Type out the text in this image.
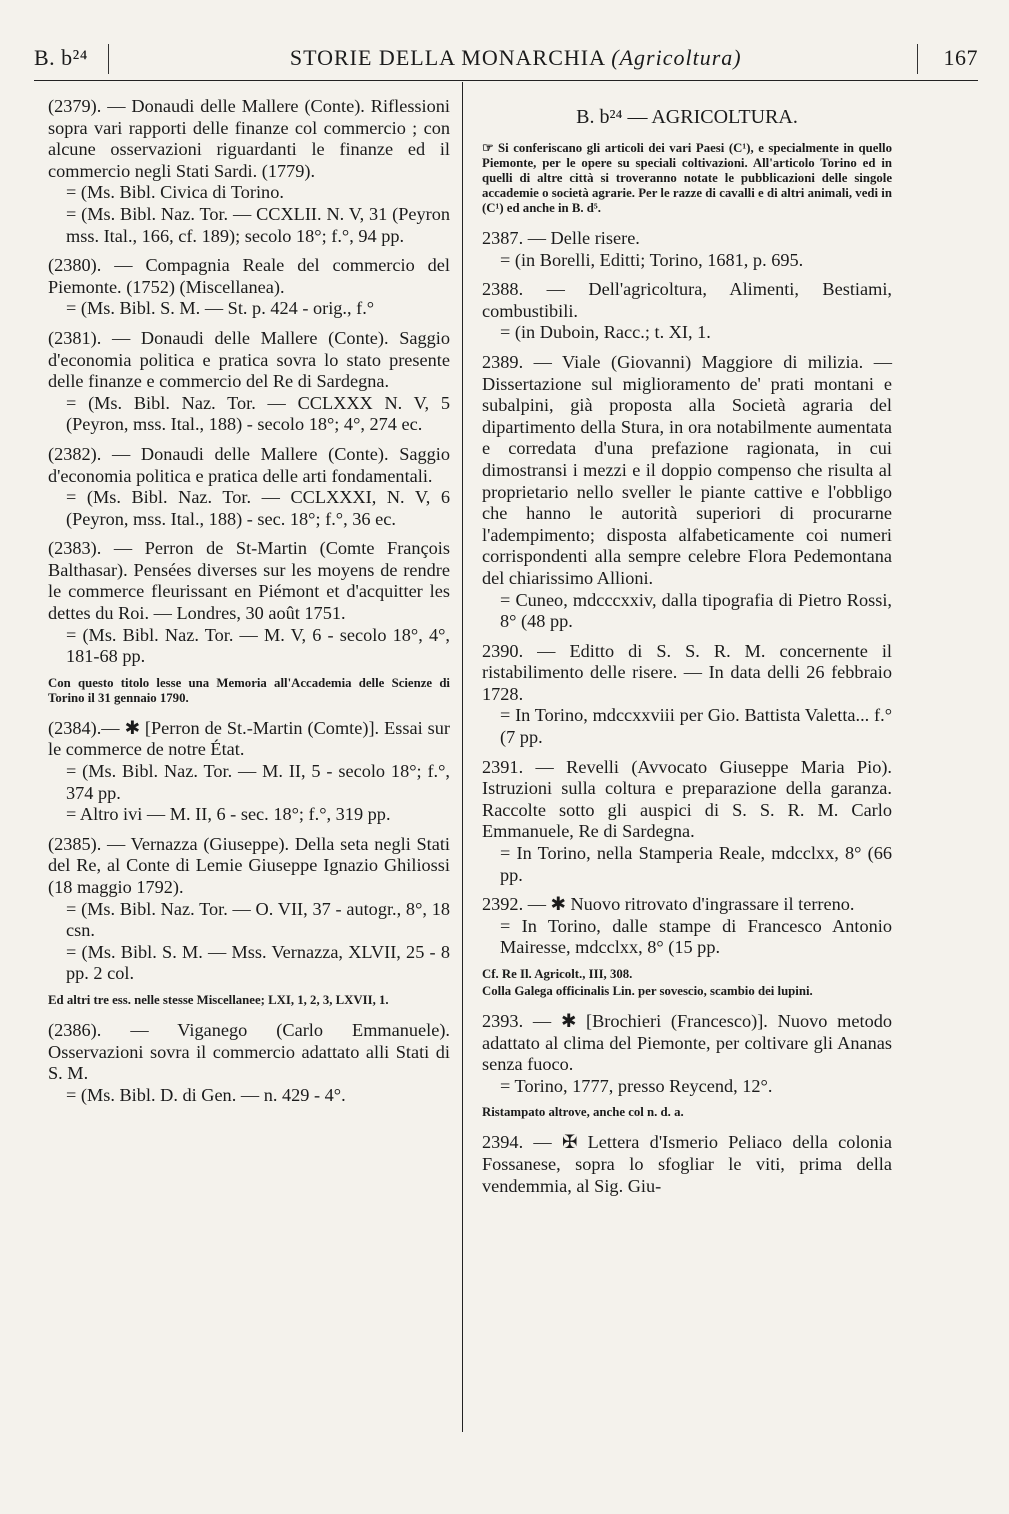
B. b²⁴	STORIE DELLA MONARCHIA (Agricoltura)	167
(2379). — Donaudi delle Mallere (Conte). Riflessioni sopra vari rapporti delle finanze col commercio ; con alcune osservazioni riguardanti le finanze ed il commercio negli Stati Sardi. (1779).
= (Ms. Bibl. Civica di Torino.
= (Ms. Bibl. Naz. Tor. — CCXLII. N. V, 31 (Peyron mss. Ital., 166, cf. 189); secolo 18°; f.°, 94 pp.
(2380). — Compagnia Reale del commercio del Piemonte. (1752) (Miscellanea).
= (Ms. Bibl. S. M. — St. p. 424 - orig., f.°
(2381). — Donaudi delle Mallere (Conte). Saggio d'economia politica e pratica sovra lo stato presente delle finanze e commercio del Re di Sardegna.
= (Ms. Bibl. Naz. Tor. — CCLXXX N. V, 5 (Peyron, mss. Ital., 188) - secolo 18°; 4°, 274 ec.
(2382). — Donaudi delle Mallere (Conte). Saggio d'economia politica e pratica delle arti fondamentali.
= (Ms. Bibl. Naz. Tor. — CCLXXXI, N. V, 6 (Peyron, mss. Ital., 188) - sec. 18°; f.°, 36 ec.
(2383). — Perron de St-Martin (Comte François Balthasar). Pensées diverses sur les moyens de rendre le commerce fleurissant en Piémont et d'acquitter les dettes du Roi. — Londres, 30 août 1751.
= (Ms. Bibl. Naz. Tor. — M. V, 6 - secolo 18°, 4°, 181-68 pp.
Con questo titolo lesse una Memoria all'Accademia delle Scienze di Torino il 31 gennaio 1790.
(2384).— ✱ [Perron de St.-Martin (Comte)]. Essai sur le commerce de notre État.
= (Ms. Bibl. Naz. Tor. — M. II, 5 - secolo 18°; f.°, 374 pp.
= Altro ivi — M. II, 6 - sec. 18°; f.°, 319 pp.
(2385). — Vernazza (Giuseppe). Della seta negli Stati del Re, al Conte di Lemie Giuseppe Ignazio Ghiliossi (18 maggio 1792).
= (Ms. Bibl. Naz. Tor. — O. VII, 37 - autogr., 8°, 18 csn.
= (Ms. Bibl. S. M. — Mss. Vernazza, XLVII, 25 - 8 pp. 2 col.
Ed altri tre ess. nelle stesse Miscellanee; LXI, 1, 2, 3, LXVII, 1.
(2386). — Viganego (Carlo Emmanuele). Osservazioni sovra il commercio adattato alli Stati di S. M.
= (Ms. Bibl. D. di Gen. — n. 429 - 4°.
B. b²⁴ — AGRICOLTURA.
☞ Si conferiscano gli articoli dei vari Paesi (C¹), e specialmente in quello Piemonte, per le opere su speciali coltivazioni. All'articolo Torino ed in quelli di altre città si troveranno notate le pubblicazioni delle singole accademie o società agrarie. Per le razze di cavalli e di altri animali, vedi in (C¹) ed anche in B. d⁵.
2387. — Delle risere.
= (in Borelli, Editti; Torino, 1681, p. 695.
2388. — Dell'agricoltura, Alimenti, Bestiami, combustibili.
= (in Duboin, Racc.; t. XI, 1.
2389. — Viale (Giovanni) Maggiore di milizia. — Dissertazione sul miglioramento de' prati montani e subalpini, già proposta alla Società agraria del dipartimento della Stura, in ora notabilmente aumentata e corredata d'una prefazione ragionata, in cui dimostransi i mezzi e il doppio compenso che risulta al proprietario nello sveller le piante cattive e l'obbligo che hanno le autorità superiori di procurarne l'adempimento; disposta alfabeticamente coi numeri corrispondenti alla sempre celebre Flora Pedemontana del chiarissimo Allioni.
= Cuneo, mdcccxxiv, dalla tipografia di Pietro Rossi, 8° (48 pp.
2390. — Editto di S. S. R. M. concernente il ristabilimento delle risere. — In data delli 26 febbraio 1728.
= In Torino, mdccxxviii per Gio. Battista Valetta... f.° (7 pp.
2391. — Revelli (Avvocato Giuseppe Maria Pio). Istruzioni sulla coltura e preparazione della garanza. Raccolte sotto gli auspici di S. S. R. M. Carlo Emmanuele, Re di Sardegna.
= In Torino, nella Stamperia Reale, mdcclxx, 8° (66 pp.
2392. — ✱ Nuovo ritrovato d'ingrassare il terreno.
= In Torino, dalle stampe di Francesco Antonio Mairesse, mdcclxx, 8° (15 pp.
Cf. Re Il. Agricolt., III, 308.
Colla Galega officinalis Lin. per sovescio, scambio dei lupini.
2393. — ✱ [Brochieri (Francesco)]. Nuovo metodo adattato al clima del Piemonte, per coltivare gli Ananas senza fuoco.
= Torino, 1777, presso Reycend, 12°.
Ristampato altrove, anche col n. d. a.
2394. — ✠ Lettera d'Ismerio Peliaco della colonia Fossanese, sopra lo sfogliar le viti, prima della vendemmia, al Sig. Giu-
